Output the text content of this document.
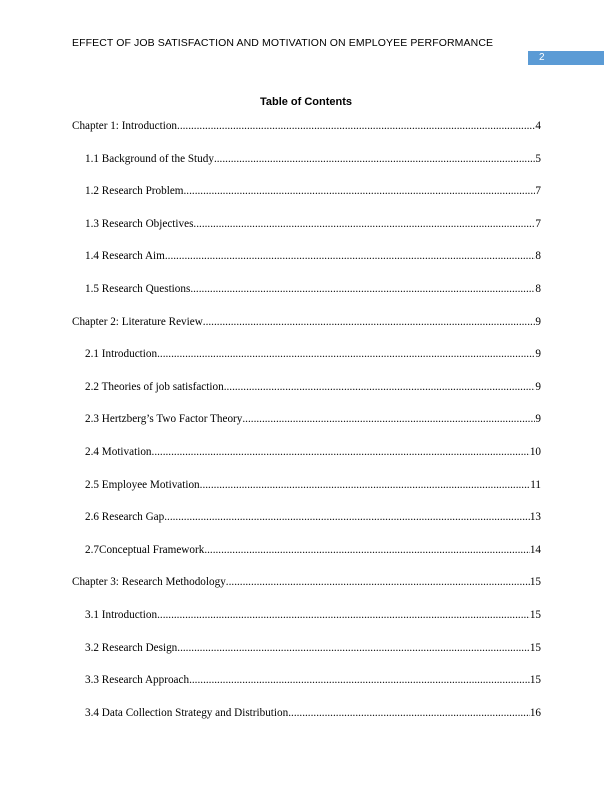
EFFECT OF JOB SATISFACTION AND MOTIVATION ON EMPLOYEE PERFORMANCE
2
Table of Contents
Chapter 1: Introduction .....	4
1.1 Background of the Study .....	5
1.2 Research Problem .....	7
1.3 Research Objectives .....	7
1.4 Research Aim .....	8
1.5 Research Questions .....	8
Chapter 2: Literature Review .....	9
2.1 Introduction .....	9
2.2 Theories of job satisfaction .....	9
2.3 Hertzberg’s Two Factor Theory .....	9
2.4 Motivation .....	10
2.5 Employee Motivation .....	11
2.6 Research Gap .....	13
2.7Conceptual Framework .....	14
Chapter 3: Research Methodology .....	15
3.1 Introduction .....	15
3.2 Research Design .....	15
3.3 Research Approach .....	15
3.4 Data Collection Strategy and Distribution .....	16
